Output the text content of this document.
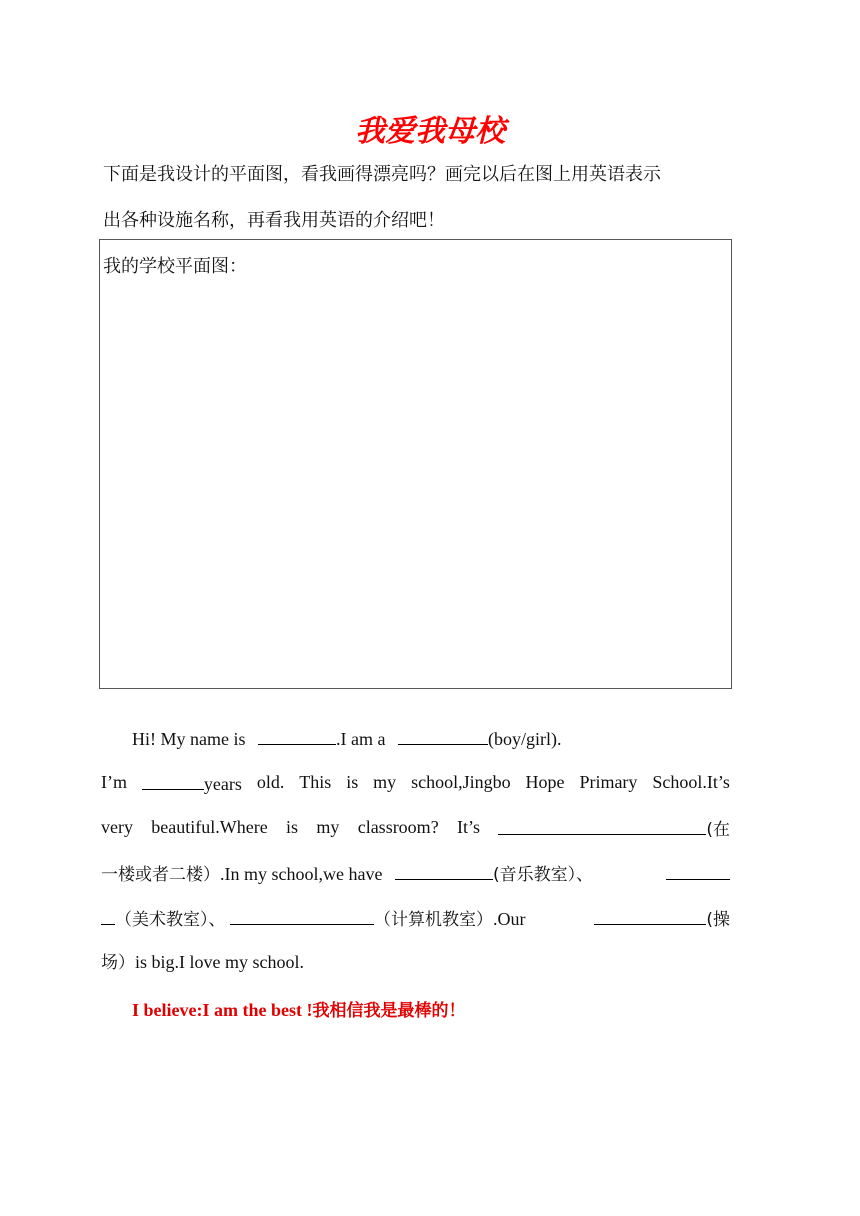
我爱我母校
下面是我设计的平面图，看我画得漂亮吗？画完以后在图上用英语表示
出各种设施名称，再看我用英语的介绍吧！
我的学校平面图：
Hi! My name is	.I am a	(boy/girl).
I’m	years old. This is my school,Jingbo Hope Primary School.It’s
very beautiful.Where is my classroom? It’s	(在
一楼或者二楼）.In my school,we have	(音乐教室）、
（美术教室）、	（计算机教室）.Our	(操
场）is big.I love my school.
I believe:I am the best !我相信我是最棒的！
